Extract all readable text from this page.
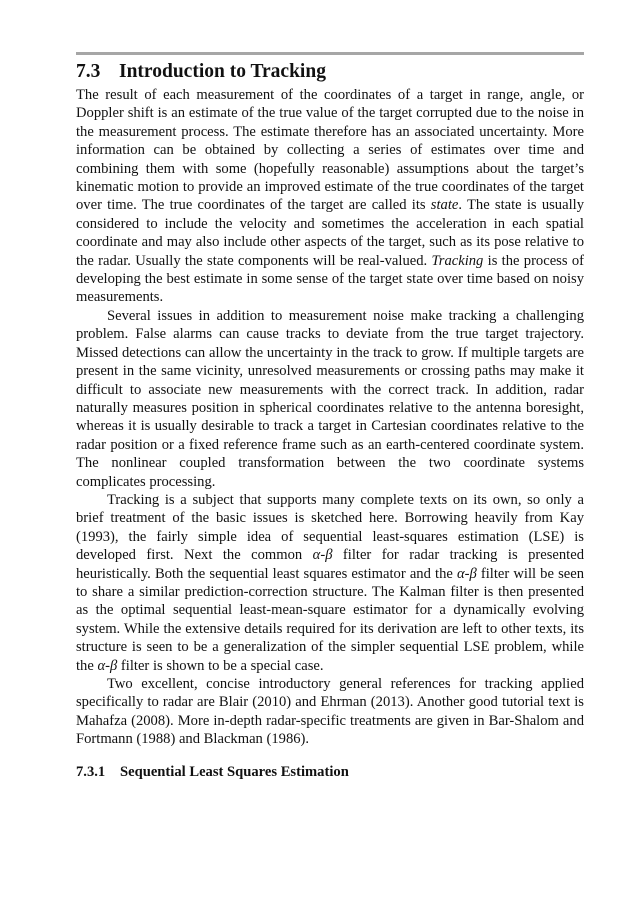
7.3 Introduction to Tracking

The result of each measurement of the coordinates of a target in range, angle, or Doppler shift is an estimate of the true value of the target corrupted due to the noise in the measurement process. The estimate therefore has an associated uncertainty. More information can be obtained by collecting a series of estimates over time and combining them with some (hopefully reasonable) assumptions about the target’s kinematic motion to provide an improved estimate of the true coordinates of the target over time. The true coordinates of the target are called its state. The state is usually considered to include the velocity and sometimes the acceleration in each spatial coordinate and may also include other aspects of the target, such as its pose relative to the radar. Usually the state components will be real-valued. Tracking is the process of developing the best estimate in some sense of the target state over time based on noisy measurements.

Several issues in addition to measurement noise make tracking a challenging problem. False alarms can cause tracks to deviate from the true target trajectory. Missed detections can allow the uncertainty in the track to grow. If multiple targets are present in the same vicinity, unresolved measurements or crossing paths may make it difficult to associate new measurements with the correct track. In addition, radar naturally measures position in spherical coordinates relative to the antenna boresight, whereas it is usually desirable to track a target in Cartesian coordinates relative to the radar position or a fixed reference frame such as an earth-centered coordinate system. The nonlinear coupled transformation between the two coordinate systems complicates processing.

Tracking is a subject that supports many complete texts on its own, so only a brief treatment of the basic issues is sketched here. Borrowing heavily from Kay (1993), the fairly simple idea of sequential least-squares estimation (LSE) is developed first. Next the common α-β filter for radar tracking is presented heuristically. Both the sequential least squares estimator and the α-β filter will be seen to share a similar prediction-correction structure. The Kalman filter is then presented as the optimal sequential least-mean-square estimator for a dynamically evolving system. While the extensive details required for its derivation are left to other texts, its structure is seen to be a generalization of the simpler sequential LSE problem, while the α-β filter is shown to be a special case.

Two excellent, concise introductory general references for tracking applied specifically to radar are Blair (2010) and Ehrman (2013). Another good tutorial text is Mahafza (2008). More in-depth radar-specific treatments are given in Bar-Shalom and Fortmann (1988) and Blackman (1986).

7.3.1 Sequential Least Squares Estimation
